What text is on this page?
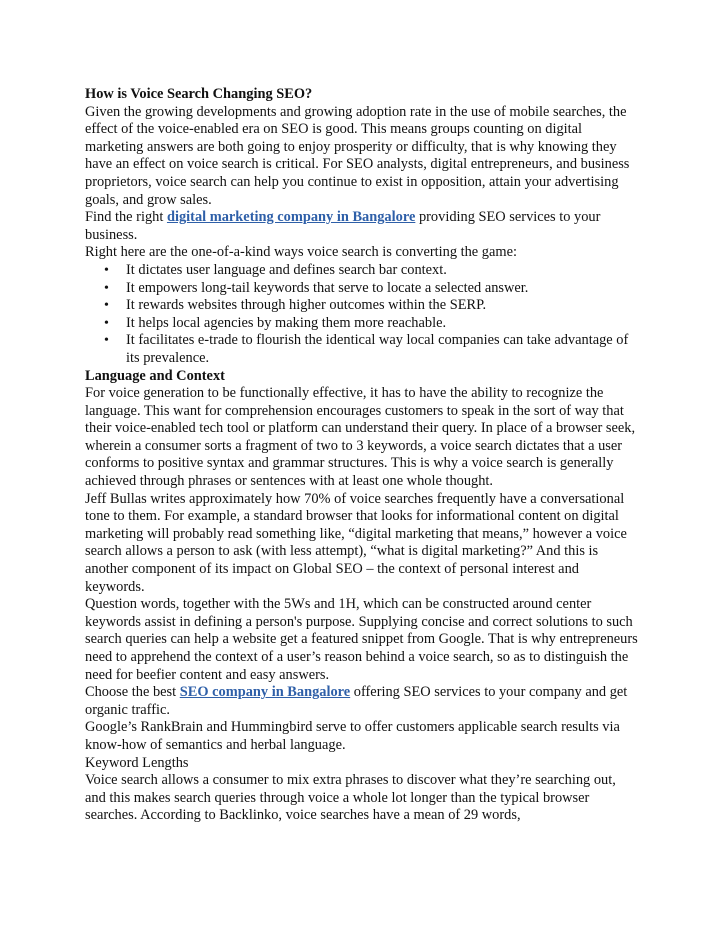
How is Voice Search Changing SEO?

Given the growing developments and growing adoption rate in the use of mobile searches, the effect of the voice-enabled era on SEO is good. This means groups counting on digital marketing answers are both going to enjoy prosperity or difficulty, that is why knowing they have an effect on voice search is critical. For SEO analysts, digital entrepreneurs, and business proprietors, voice search can help you continue to exist in opposition, attain your advertising goals, and grow sales.

Find the right digital marketing company in Bangalore providing SEO services to your business.

Right here are the one-of-a-kind ways voice search is converting the game:

• It dictates user language and defines search bar context.
• It empowers long-tail keywords that serve to locate a selected answer.
• It rewards websites through higher outcomes within the SERP.
• It helps local agencies by making them more reachable.
• It facilitates e-trade to flourish the identical way local companies can take advantage of its prevalence.

Language and Context

For voice generation to be functionally effective, it has to have the ability to recognize the language. This want for comprehension encourages customers to speak in the sort of way that their voice-enabled tech tool or platform can understand their query. In place of a browser seek, wherein a consumer sorts a fragment of two to 3 keywords, a voice search dictates that a user conforms to positive syntax and grammar structures. This is why a voice search is generally achieved through phrases or sentences with at least one whole thought.

Jeff Bullas writes approximately how 70% of voice searches frequently have a conversational tone to them. For example, a standard browser that looks for informational content on digital marketing will probably read something like, “digital marketing that means,” however a voice search allows a person to ask (with less attempt), “what is digital marketing?” And this is another component of its impact on Global SEO – the context of personal interest and keywords.

Question words, together with the 5Ws and 1H, which can be constructed around center keywords assist in defining a person's purpose. Supplying concise and correct solutions to such search queries can help a website get a featured snippet from Google. That is why entrepreneurs need to apprehend the context of a user’s reason behind a voice search, so as to distinguish the need for beefier content and easy answers.

Choose the best SEO company in Bangalore offering SEO services to your company and get organic traffic.

Google’s RankBrain and Hummingbird serve to offer customers applicable search results via know-how of semantics and herbal language.

Keyword Lengths

Voice search allows a consumer to mix extra phrases to discover what they’re searching out, and this makes search queries through voice a whole lot longer than the typical browser searches. According to Backlinko, voice searches have a mean of 29 words,
